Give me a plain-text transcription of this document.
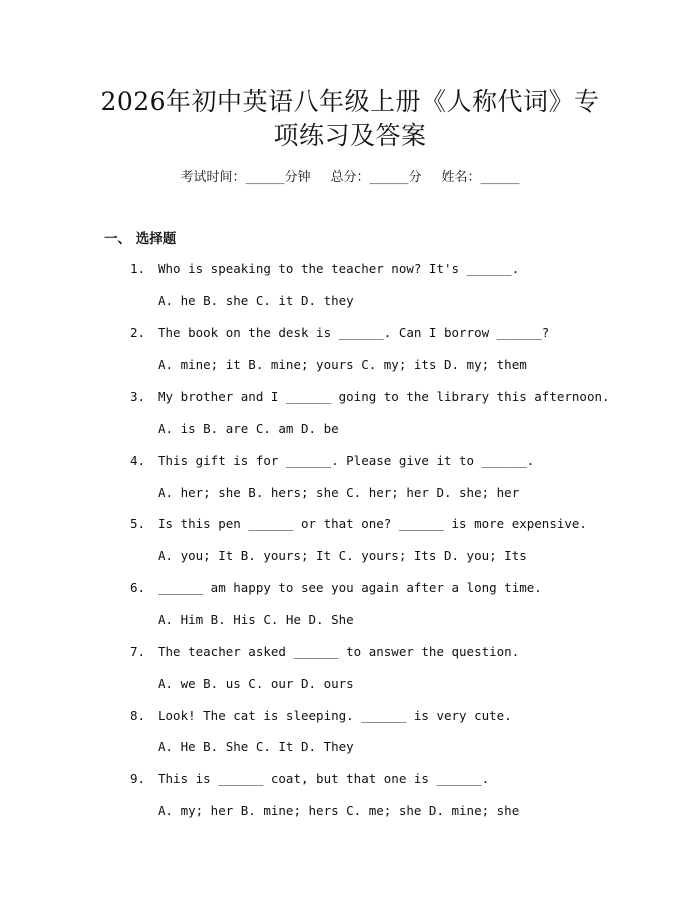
2026年初中英语八年级上册《人称代词》专
项练习及答案
考试时间：______分钟 总分：______分 姓名：______
一、 选择题
1. Who is speaking to the teacher now? It's ______.
A. he B. she C. it D. they
2. The book on the desk is ______. Can I borrow ______?
A. mine; it B. mine; yours C. my; its D. my; them
3. My brother and I ______ going to the library this afternoon.
A. is B. are C. am D. be
4. This gift is for ______. Please give it to ______.
A. her; she B. hers; she C. her; her D. she; her
5. Is this pen ______ or that one? ______ is more expensive.
A. you; It B. yours; It C. yours; Its D. you; Its
6. ______ am happy to see you again after a long time.
A. Him B. His C. He D. She
7. The teacher asked ______ to answer the question.
A. we B. us C. our D. ours
8. Look! The cat is sleeping. ______ is very cute.
A. He B. She C. It D. They
9. This is ______ coat, but that one is ______.
A. my; her B. mine; hers C. me; she D. mine; she
